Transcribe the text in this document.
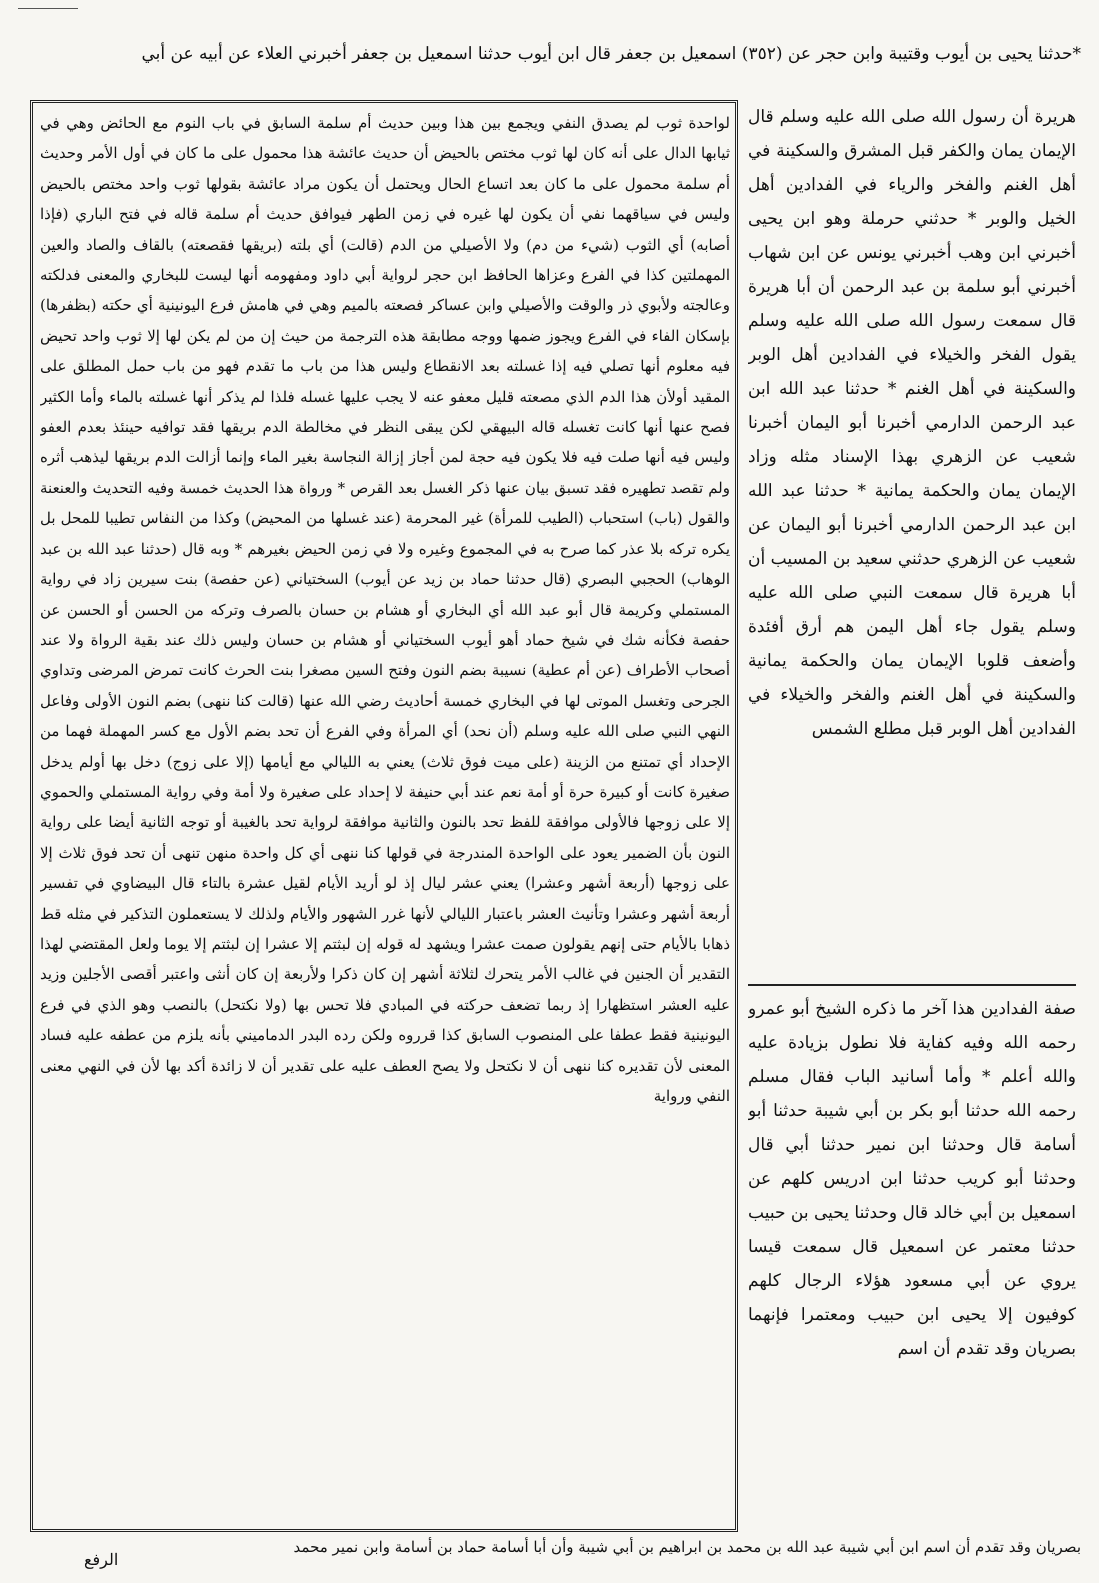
*حدثنا يحيى بن أيوب وقتيبة وابن حجر عن (٣٥٢) اسمعيل بن جعفر قال ابن أيوب حدثنا اسمعيل بن جعفر أخبرني العلاء عن أبيه عن أبي
لواحدة ثوب لم يصدق النفي ويجمع بين هذا وبين حديث أم سلمة السابق في باب النوم مع الحائض وهي في ثيابها الدال على أنه كان لها ثوب مختص بالحيض أن حديث عائشة هذا محمول على ما كان في أول الأمر وحديث أم سلمة محمول على ما كان بعد اتساع الحال ويحتمل أن يكون مراد عائشة بقولها ثوب واحد مختص بالحيض وليس في سياقهما نفي أن يكون لها غيره في زمن الطهر فيوافق حديث أم سلمة قاله في فتح الباري (فإذا أصابه) أي الثوب (شيء من دم) ولا الأصيلي من الدم (قالت) أي بلته (بريقها فقصعته) بالقاف والصاد والعين المهملتين كذا في الفرع وعزاها الحافظ ابن حجر لرواية أبي داود ومفهومه أنها ليست للبخاري والمعنى فدلكته وعالجته ولأبوي ذر والوقت والأصيلي وابن عساكر فصعته بالميم وهي في هامش فرع اليونينية أي حكته (بظفرها) بإسكان الفاء في الفرع ويجوز ضمها ووجه مطابقة هذه الترجمة من حيث إن من لم يكن لها إلا ثوب واحد تحيض فيه معلوم أنها تصلي فيه إذا غسلته بعد الانقطاع وليس هذا من باب ما تقدم فهو من باب حمل المطلق على المقيد أولأن هذا الدم الذي مصعته قليل معفو عنه لا يجب عليها غسله فلذا لم يذكر أنها غسلته بالماء وأما الكثير فصح عنها أنها كانت تغسله قاله البيهقي لكن يبقى النظر في مخالطة الدم بريقها فقد توافيه حينئذ بعدم العفو وليس فيه أنها صلت فيه فلا يكون فيه حجة لمن أجاز إزالة النجاسة بغير الماء وإنما أزالت الدم بريقها ليذهب أثره ولم تقصد تطهيره فقد تسبق بيان عنها ذكر الغسل بعد القرص * ورواة هذا الحديث خمسة وفيه التحديث والعنعنة والقول (باب) استحباب (الطيب للمرأة) غير المحرمة (عند غسلها من المحيض) وكذا من النفاس تطيبا للمحل بل يكره تركه بلا عذر كما صرح به في المجموع وغيره ولا في زمن الحيض بغيرهم * وبه قال (حدثنا عبد الله بن عبد الوهاب) الحجبي البصري (قال حدثنا حماد بن زيد عن أيوب) السختياني (عن حفصة) بنت سيرين زاد في رواية المستملي وكريمة قال أبو عبد الله أي البخاري أو هشام بن حسان بالصرف وتركه من الحسن أو الحسن عن حفصة فكأنه شك في شيخ حماد أهو أيوب السختياني أو هشام بن حسان وليس ذلك عند بقية الرواة ولا عند أصحاب الأطراف (عن أم عطية) نسيبة بضم النون وفتح السين مصغرا بنت الحرث كانت تمرض المرضى وتداوي الجرحى وتغسل الموتى لها في البخاري خمسة أحاديث رضي الله عنها (قالت كنا ننهى) بضم النون الأولى وفاعل النهي النبي صلى الله عليه وسلم (أن نحد) أي المرأة وفي الفرع أن تحد بضم الأول مع كسر المهملة فهما من الإحداد أي تمتنع من الزينة (على ميت فوق ثلاث) يعني به الليالي مع أيامها (إلا على زوج) دخل بها أولم يدخل صغيرة كانت أو كبيرة حرة أو أمة نعم عند أبي حنيفة لا إحداد على صغيرة ولا أمة وفي رواية المستملي والحموي إلا على زوجها فالأولى موافقة للفظ تحد بالنون والثانية موافقة لرواية تحد بالغيبة أو توجه الثانية أيضا على رواية النون بأن الضمير يعود على الواحدة المندرجة في قولها كنا ننهى أي كل واحدة منهن تنهى أن تحد فوق ثلاث إلا على زوجها (أربعة أشهر وعشرا) يعني عشر ليال إذ لو أريد الأيام لقيل عشرة بالتاء قال البيضاوي في تفسير أربعة أشهر وعشرا وتأنيث العشر باعتبار الليالي لأنها غرر الشهور والأيام ولذلك لا يستعملون التذكير في مثله قط ذهابا بالأيام حتى إنهم يقولون صمت عشرا ويشهد له قوله إن لبثتم إلا عشرا إن لبثتم إلا يوما ولعل المقتضي لهذا التقدير أن الجنين في غالب الأمر يتحرك لثلاثة أشهر إن كان ذكرا ولأربعة إن كان أنثى واعتبر أقصى الأجلين وزيد عليه العشر استظهارا إذ ربما تضعف حركته في المبادي فلا تحس بها (ولا نكتحل) بالنصب وهو الذي في فرع اليونينية فقط عطفا على المنصوب السابق كذا قرروه ولكن رده البدر الدماميني بأنه يلزم من عطفه عليه فساد المعنى لأن تقديره كنا ننهى أن لا نكتحل ولا يصح العطف عليه على تقدير أن لا زائدة أكد بها لأن في النهي معنى النفي ورواية
هريرة أن رسول الله صلى الله عليه وسلم قال الإيمان يمان والكفر قبل المشرق والسكينة في أهل الغنم والفخر والرياء في الفدادين أهل الخيل والوبر * حدثني حرملة وهو ابن يحيى أخبرني ابن وهب أخبرني يونس عن ابن شهاب أخبرني أبو سلمة بن عبد الرحمن أن أبا هريرة قال سمعت رسول الله صلى الله عليه وسلم يقول الفخر والخيلاء في الفدادين أهل الوبر والسكينة في أهل الغنم * حدثنا عبد الله ابن عبد الرحمن الدارمي أخبرنا أبو اليمان أخبرنا شعيب عن الزهري بهذا الإسناد مثله وزاد الإيمان يمان والحكمة يمانية * حدثنا عبد الله ابن عبد الرحمن الدارمي أخبرنا أبو اليمان عن شعيب عن الزهري حدثني سعيد بن المسيب أن أبا هريرة قال سمعت النبي صلى الله عليه وسلم يقول جاء أهل اليمن هم أرق أفئدة وأضعف قلوبا الإيمان يمان والحكمة يمانية والسكينة في أهل الغنم والفخر والخيلاء في الفدادين أهل الوبر قبل مطلع الشمس
صفة الفدادين هذا آخر ما ذكره الشيخ أبو عمرو رحمه الله وفيه كفاية فلا نطول بزيادة عليه والله أعلم * وأما أسانيد الباب فقال مسلم رحمه الله حدثنا أبو بكر بن أبي شيبة حدثنا أبو أسامة قال وحدثنا ابن نمير حدثنا أبي قال وحدثنا أبو كريب حدثنا ابن ادريس كلهم عن اسمعيل بن أبي خالد قال وحدثنا يحيى بن حبيب حدثنا معتمر عن اسمعيل قال سمعت قيسا يروي عن أبي مسعود هؤلاء الرجال كلهم كوفيون إلا يحيى ابن حبيب ومعتمرا فإنهما بصريان وقد تقدم أن اسم
بصريان وقد تقدم أن اسم ابن أبي شيبة عبد الله بن محمد بن ابراهيم بن أبي شيبة وأن أبا أسامة حماد بن أسامة وابن نمير محمد
الرفع
